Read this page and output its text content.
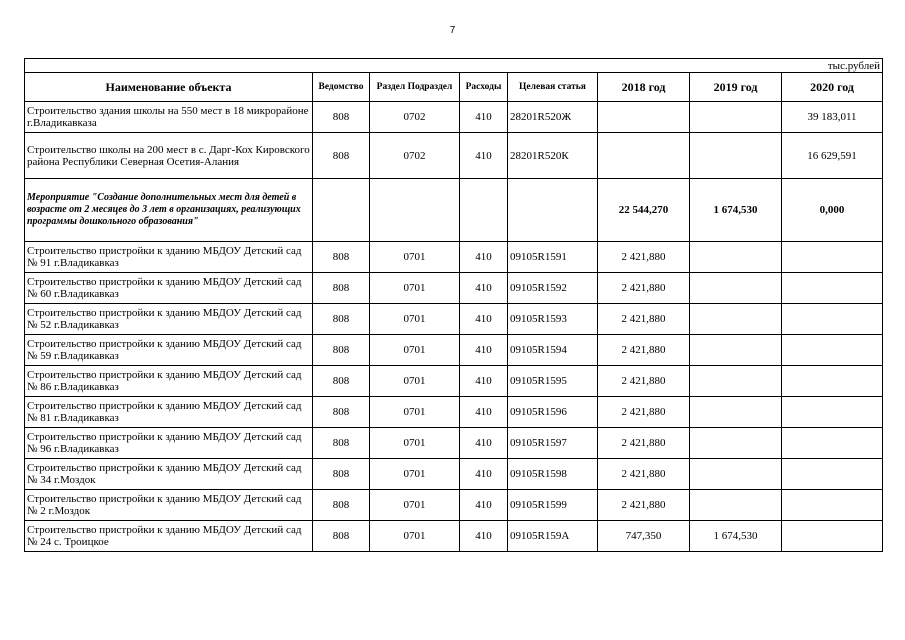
7
тыс.рублей							
Наименование объекта	Ведомство	Раздел Подраздел	Расходы	Целевая статья	2018 год	2019 год	2020 год
Строительство здания школы на 550 мест в 18 микрорайоне г.Владикавказа	808	0702	410	28201R520Ж			39 183,011
Строительство школы на 200 мест в с. Дарг-Кох Кировского района Республики Северная Осетия-Алания	808	0702	410	28201R520К			16 629,591
Мероприятие "Создание дополнительных мест для детей в возрасте от 2 месяцев до 3 лет в организациях, реализующих программы дошкольного образования"					22 544,270	1 674,530	0,000
Строительство пристройки к зданию МБДОУ Детский сад № 91 г.Владикавказ	808	0701	410	09105R1591	2 421,880		
Строительство пристройки к зданию МБДОУ Детский сад № 60 г.Владикавказ	808	0701	410	09105R1592	2 421,880		
Строительство пристройки к зданию МБДОУ Детский сад № 52 г.Владикавказ	808	0701	410	09105R1593	2 421,880		
Строительство пристройки к зданию МБДОУ Детский сад № 59 г.Владикавказ	808	0701	410	09105R1594	2 421,880		
Строительство пристройки к зданию МБДОУ Детский сад № 86 г.Владикавказ	808	0701	410	09105R1595	2 421,880		
Строительство пристройки к зданию МБДОУ Детский сад № 81 г.Владикавказ	808	0701	410	09105R1596	2 421,880		
Строительство пристройки к зданию МБДОУ Детский сад № 96 г.Владикавказ	808	0701	410	09105R1597	2 421,880		
Строительство пристройки к зданию МБДОУ Детский сад № 34 г.Моздок	808	0701	410	09105R1598	2 421,880		
Строительство пристройки к зданию МБДОУ Детский сад № 2 г.Моздок	808	0701	410	09105R1599	2 421,880		
Строительство пристройки к зданию МБДОУ Детский сад № 24 с. Троицкое	808	0701	410	09105R159А	747,350	1 674,530	
